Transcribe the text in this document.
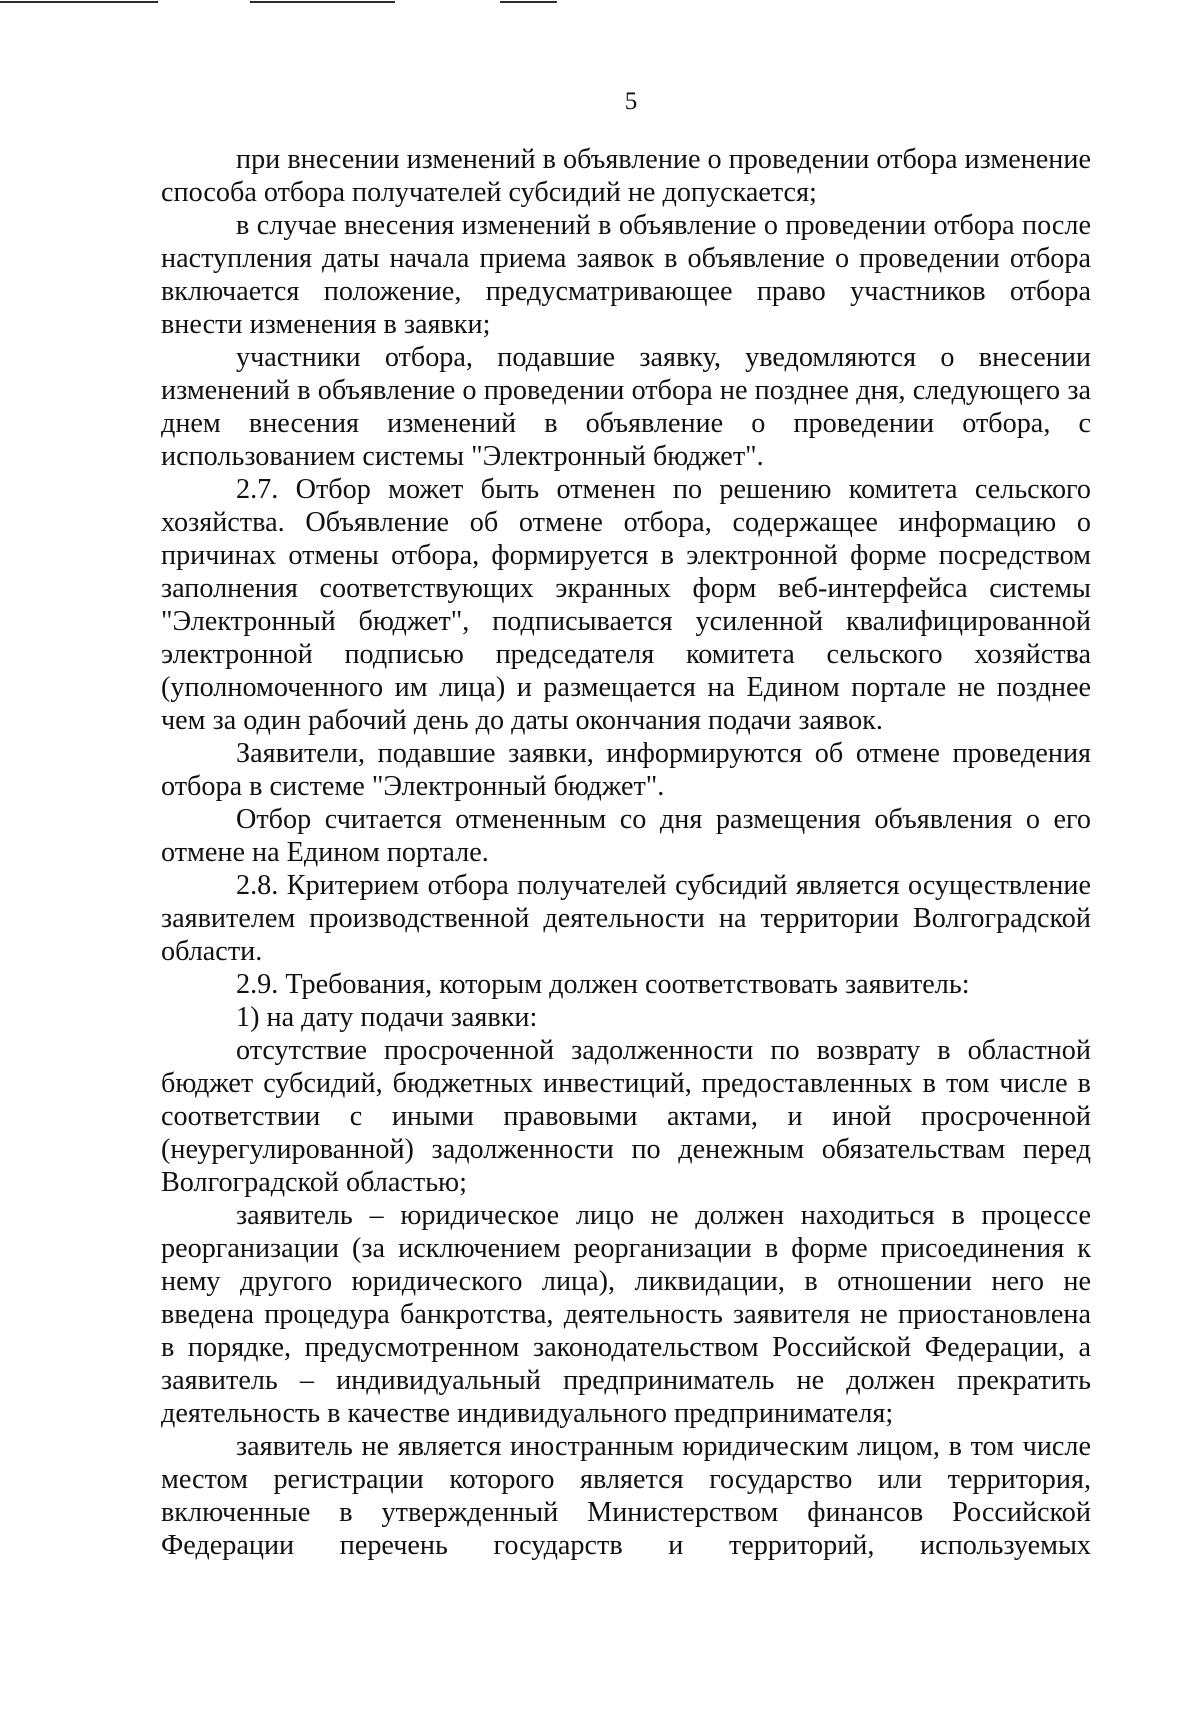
5

при внесении изменений в объявление о проведении отбора изменение способа отбора получателей субсидий не допускается;

в случае внесения изменений в объявление о проведении отбора после наступления даты начала приема заявок в объявление о проведении отбора включается положение, предусматривающее право участников отбора внести изменения в заявки;

участники отбора, подавшие заявку, уведомляются о внесении изменений в объявление о проведении отбора не позднее дня, следующего за днем внесения изменений в объявление о проведении отбора, с использованием системы "Электронный бюджет".

2.7. Отбор может быть отменен по решению комитета сельского хозяйства. Объявление об отмене отбора, содержащее информацию о причинах отмены отбора, формируется в электронной форме посредством заполнения соответствующих экранных форм веб-интерфейса системы "Электронный бюджет", подписывается усиленной квалифицированной электронной подписью председателя комитета сельского хозяйства (уполномоченного им лица) и размещается на Едином портале не позднее чем за один рабочий день до даты окончания подачи заявок.

Заявители, подавшие заявки, информируются об отмене проведения отбора в системе "Электронный бюджет".

Отбор считается отмененным со дня размещения объявления о его отмене на Едином портале.

2.8. Критерием отбора получателей субсидий является осуществление заявителем производственной деятельности на территории Волгоградской области.

2.9. Требования, которым должен соответствовать заявитель:

1) на дату подачи заявки:

отсутствие просроченной задолженности по возврату в областной бюджет субсидий, бюджетных инвестиций, предоставленных в том числе в соответствии с иными правовыми актами, и иной просроченной (неурегулированной) задолженности по денежным обязательствам перед Волгоградской областью;

заявитель – юридическое лицо не должен находиться в процессе реорганизации (за исключением реорганизации в форме присоединения к нему другого юридического лица), ликвидации, в отношении него не введена процедура банкротства, деятельность заявителя не приостановлена в порядке, предусмотренном законодательством Российской Федерации, а заявитель – индивидуальный предприниматель не должен прекратить деятельность в качестве индивидуального предпринимателя;

заявитель не является иностранным юридическим лицом, в том числе местом регистрации которого является государство или территория, включенные в утвержденный Министерством финансов Российской Федерации перечень государств и территорий, используемых
